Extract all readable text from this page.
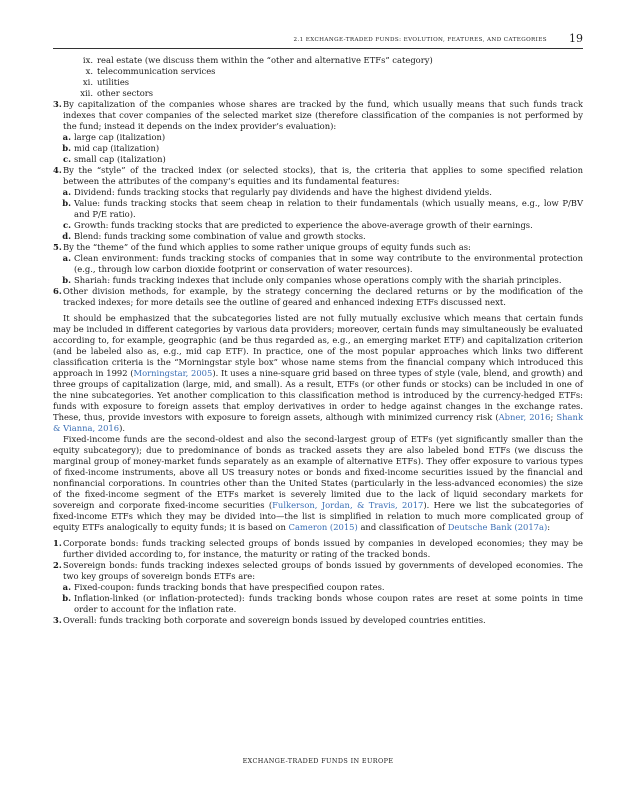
2.1 EXCHANGE-TRADED FUNDS: EVOLUTION, FEATURES, AND CATEGORIES 19
ix. real estate (we discuss them within the “other and alternative ETFs” category)
x. telecommunication services
xi. utilities
xii. other sectors
3. By capitalization of the companies whose shares are tracked by the fund, which usually means that such funds track indexes that cover companies of the selected market size (therefore classification of the companies is not performed by the fund; instead it depends on the index provider’s evaluation):
a. large cap (italization)
b. mid cap (italization)
c. small cap (italization)
4. By the “style” of the tracked index (or selected stocks), that is, the criteria that applies to some specified relation between the attributes of the company’s equities and its fundamental features:
a. Dividend: funds tracking stocks that regularly pay dividends and have the highest dividend yields.
b. Value: funds tracking stocks that seem cheap in relation to their fundamentals (which usually means, e.g., low P/BV and P/E ratio).
c. Growth: funds tracking stocks that are predicted to experience the above-average growth of their earnings.
d. Blend: funds tracking some combination of value and growth stocks.
5. By the “theme” of the fund which applies to some rather unique groups of equity funds such as:
a. Clean environment: funds tracking stocks of companies that in some way contribute to the environmental protection (e.g., through low carbon dioxide footprint or conservation of water resources).
b. Shariah: funds tracking indexes that include only companies whose operations comply with the shariah principles.
6. Other division methods, for example, by the strategy concerning the declared returns or by the modification of the tracked indexes; for more details see the outline of geared and enhanced indexing ETFs discussed next.

It should be emphasized that the subcategories listed are not fully mutually exclusive which means that certain funds may be included in different categories by various data providers; moreover, certain funds may simultaneously be evaluated according to, for example, geographic (and be thus regarded as, e.g., an emerging market ETF) and capitalization criterion (and be labeled also as, e.g., mid cap ETF). In practice, one of the most popular approaches which links two different classification criteria is the “Morningstar style box” whose name stems from the financial company which introduced this approach in 1992 (Morningstar, 2005). It uses a nine-square grid based on three types of style (vale, blend, and growth) and three groups of capitalization (large, mid, and small). As a result, ETFs (or other funds or stocks) can be included in one of the nine subcategories. Yet another complication to this classification method is introduced by the currency-hedged ETFs: funds with exposure to foreign assets that employ derivatives in order to hedge against changes in the exchange rates. These, thus, provide investors with exposure to foreign assets, although with minimized currency risk (Abner, 2016; Shank & Vianna, 2016).

Fixed-income funds are the second-oldest and also the second-largest group of ETFs (yet significantly smaller than the equity subcategory); due to predominance of bonds as tracked assets they are also labeled bond ETFs (we discuss the marginal group of money-market funds separately as an example of alternative ETFs). They offer exposure to various types of fixed-income instruments, above all US treasury notes or bonds and fixed-income securities issued by the financial and nonfinancial corporations. In countries other than the United States (particularly in the less-advanced economies) the size of the fixed-income segment of the ETFs market is severely limited due to the lack of liquid secondary markets for sovereign and corporate fixed-income securities (Fulkerson, Jordan, & Travis, 2017). Here we list the subcategories of fixed-income ETFs which they may be divided into—the list is simplified in relation to much more complicated group of equity ETFs analogically to equity funds; it is based on Cameron (2015) and classification of Deutsche Bank (2017a):

1. Corporate bonds: funds tracking selected groups of bonds issued by companies in developed economies; they may be further divided according to, for instance, the maturity or rating of the tracked bonds.
2. Sovereign bonds: funds tracking indexes selected groups of bonds issued by governments of developed economies. The two key groups of sovereign bonds ETFs are:
a. Fixed-coupon: funds tracking bonds that have prespecified coupon rates.
b. Inflation-linked (or inflation-protected): funds tracking bonds whose coupon rates are reset at some points in time order to account for the inflation rate.
3. Overall: funds tracking both corporate and sovereign bonds issued by developed countries entities.
EXCHANGE-TRADED FUNDS IN EUROPE
